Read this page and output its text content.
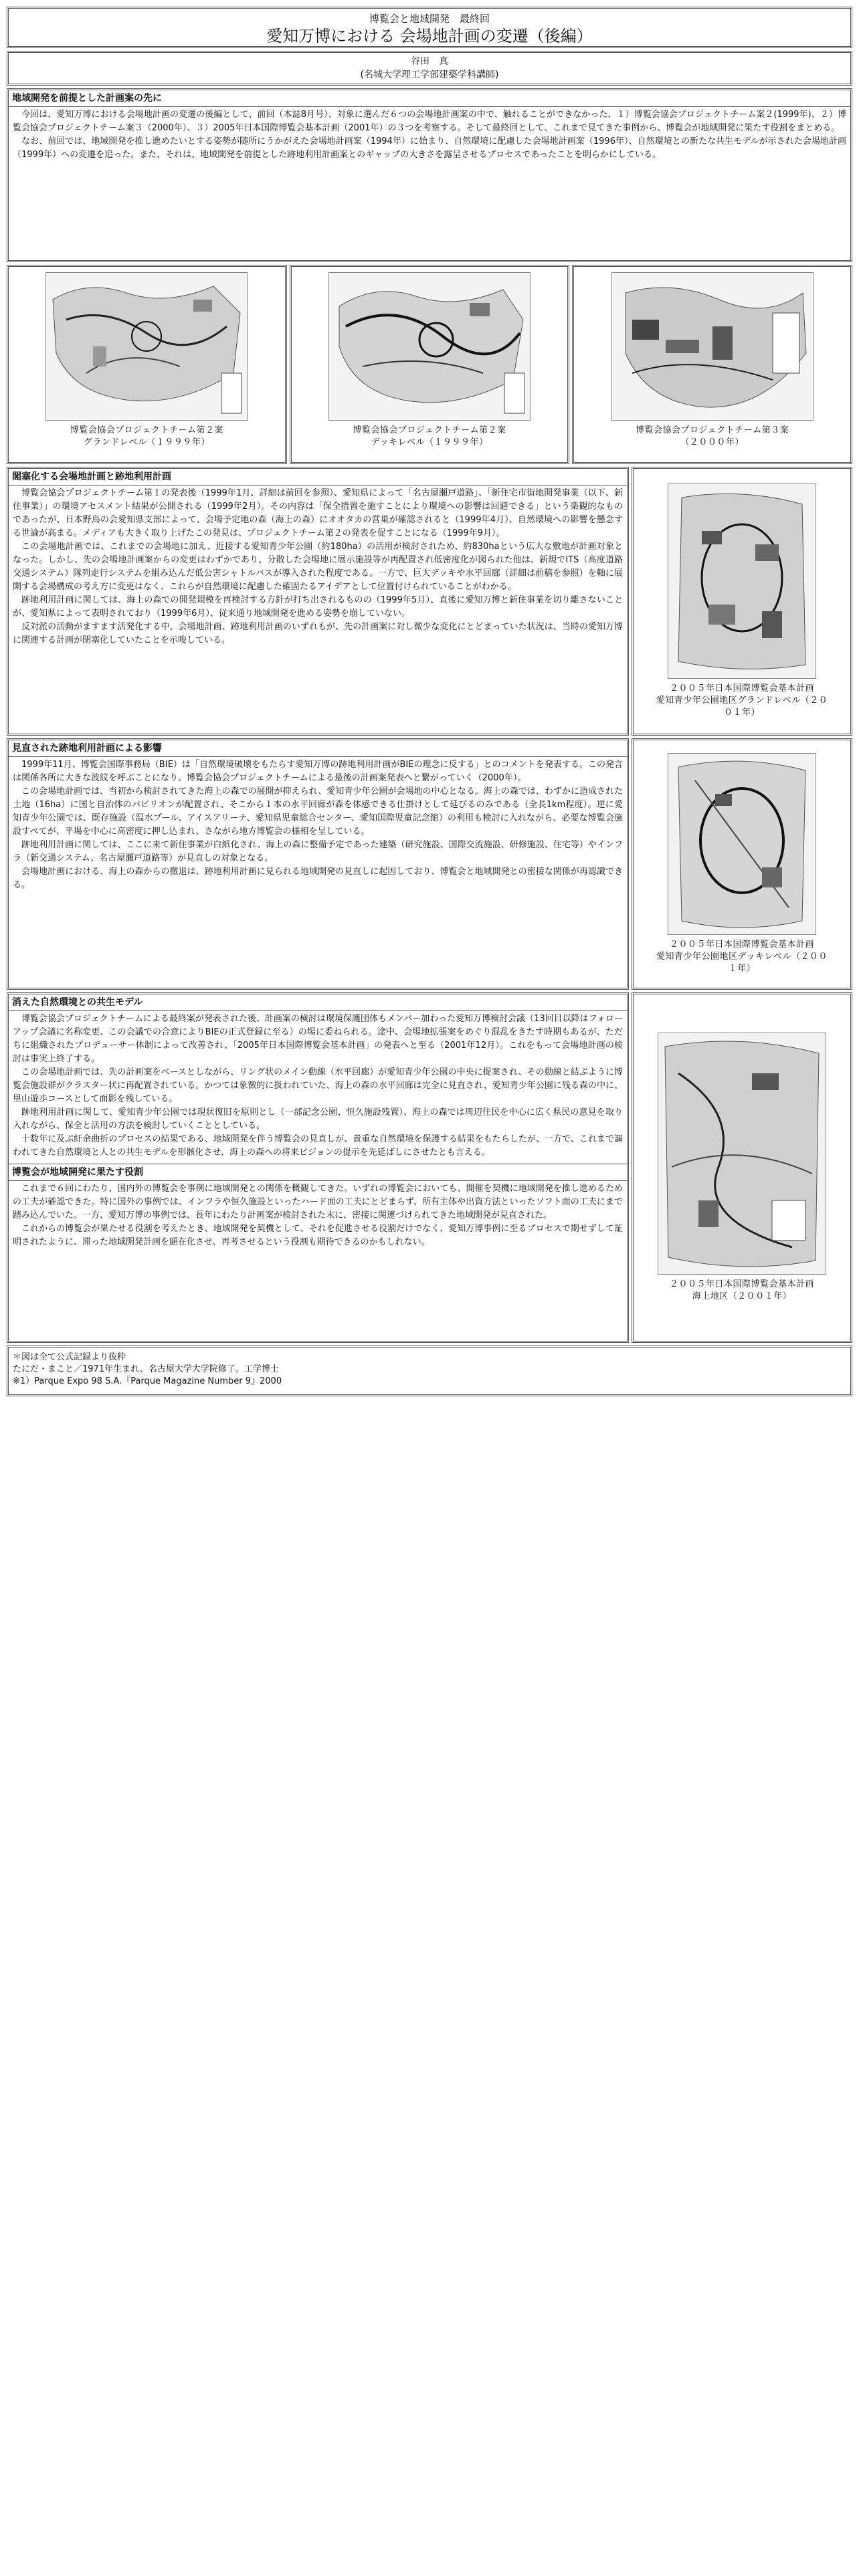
博覧会と地域開発　最終回
愛知万博における 会場地計画の変遷（後編）
谷田　真
(名城大学理工学部建築学科講師)
地域開発を前提とした計画案の先に

今回は、愛知万博における会場地計画の変遷の後編として、前回（本誌8月号）、対象に選んだ６つの会場地計画案の中で、触れることができなかった、１）博覧会協会プロジェクトチーム案２(1999年)、２）博覧会協会プロジェクトチーム案３（2000年）、３）2005年日本国際博覧会基本計画（2001年）の３つを考察する。そして最終回として、これまで見てきた事例から、博覧会が地域開発に果たす役割をまとめる。

なお、前回では、地域開発を推し進めたいとする姿勢が随所にうかがえた会場地計画案（1994年）に始まり、自然環境に配慮した会場地計画案（1996年）、自然環境との新たな共生モデルが示された会場地計画（1999年）への変遷を追った。また、それは、地域開発を前提とした跡地利用計画案とのギャップの大きさを露呈させるプロセスであったことを明らかにしている。

博覧会協会プロジェクトチーム第２案
グランドレベル（１９９９年）
博覧会協会プロジェクトチーム第２案
デッキレベル（１９９９年）
博覧会協会プロジェクトチーム第３案
（２０００年）
閣塞化する会場地計画と跡地利用計画

博覧会協会プロジェクトチーム第１の発表後（1999年1月、詳細は前回を参照）、愛知県によって「名古屋瀬戸道路」、「新住宅市街地開発事業（以下、新住事業）」の環境アセスメント結果が公開される（1999年2月）。その内容は「保全措置を施すことにより環境への影響は回避できる」という楽観的なものであったが、日本野鳥の会愛知県支部によって、会場予定地の森（海上の森）にオオタカの営巣が確認されると（1999年4月）、自然環境への影響を懸念する世論が高まる。メディアも大きく取り上げたこの発見は、プロジェクトチーム第２の発表を促すことになる（1999年9月）。

この会場地計画では、これまでの会場地に加え、近接する愛知青少年公園（約180ha）の活用が検討されため、約830haという広大な敷地が計画対象となった。しかし、先の会場地計画案からの変更はわずかであり、分散した会場地に展示施設等が再配置され低密度化が図られた他は、新規でITS（高度道路交通システム）隊列走行システムを組み込んだ低公害シャトルバスが導入された程度である。一方で、巨大デッキや水平回廊（詳細は前稿を参照）を軸に展開する会場構成の考え方に変更はなく、これらが自然環境に配慮した確固たるアイデアとして位置付けられていることがわかる。

跡地利用計画に関しては、海上の森での開発規模を再検討する方針が打ち出されるものの（1999年5月）、直後に愛知万博と新住事業を切り離さないことが、愛知県によって表明されており（1999年6月）、従来通り地域開発を進める姿勢を崩していない。

反対派の活動がますます活発化する中、会場地計画、跡地利用計画のいずれもが、先の計画案に対し微少な変化にとどまっていた状況は、当時の愛知万博に関連する計画が閉塞化していたことを示唆している。

２００５年日本国際博覧会基本計画
愛知青少年公園地区グランドレベル（２０
０１年）
見直された跡地利用計画による影響

1999年11月、博覧会国際事務局（BIE）は「自然環境破壊をもたらす愛知万博の跡地利用計画がBIEの理念に反する」とのコメントを発表する。この発言は関係各所に大きな波紋を呼ぶことになり、博覧会協会プロジェクトチームによる最後の計画案発表へと繋がっていく（2000年）。

この会場地計画では、当初から検討されてきた海上の森での展開が抑えられ、愛知青少年公園が会場地の中心となる。海上の森では、わずかに造成された土地（16ha）に国と自治体のパビリオンが配置され、そこから１本の水平回廊が森を体感できる仕掛けとして延びるのみである（全長1km程度）。逆に愛知青少年公園では、既存施設（温水プール、アイスアリーナ、愛知県児童総合センター、愛知国際児童記念館）の利用も検討に入れながら、必要な博覧会施設すべてが、平場を中心に高密度に押し込まれ、さながら地方博覧会の様相を呈している。

跡地利用計画に関しては、ここに来て新住事業が白紙化され、海上の森に整備予定であった建築（研究施設、国際交流施設、研修施設、住宅等）やインフラ（新交通システム、名古屋瀬戸道路等）が見直しの対象となる。

会場地計画における、海上の森からの撤退は、跡地利用計画に見られる地域開発の見直しに起因しており、博覧会と地域開発との密接な関係が再認識できる。

２００５年日本国際博覧会基本計画
愛知青少年公園地区デッキレベル（２００
１年）
消えた自然環境との共生モデル

博覧会協会プロジェクトチームによる最終案が発表された後、計画案の検討は環境保護団体もメンバー加わった愛知万博検討会議（13回目以降はフォローアップ会議に名称変更、この会議での合意によりBIEの正式登録に至る）の場に委ねられる。途中、会場地拡張案をめぐり混乱をきたす時期もあるが、ただちに組織されたプロデューサー体制によって改善され、「2005年日本国際博覧会基本計画」の発表へと至る（2001年12月）。これをもって会場地計画の検討は事実上終了する。

この会場地計画では、先の計画案をベースとしながら、リング状のメイン動線（水平回廊）が愛知青少年公園の中央に提案され、その動線と結ぶように博覧会施設群がクラスター状に再配置されている。かつては象徴的に扱われていた、海上の森の水平回廊は完全に見直され、愛知青少年公園に残る森の中に、里山遊歩コースとして面影を残している。

跡地利用計画に関して、愛知青少年公園では現状復旧を原則とし（一部記念公園、恒久施設残置）、海上の森では周辺住民を中心に広く県民の意見を取り入れながら、保全と活用の方法を検討していくこととしている。

十数年に及ぶ紆余曲折のプロセスの結果である、地域開発を伴う博覧会の見直しが、貴重な自然環境を保護する結果をもたらしたが、一方で、これまで謳われてきた自然環境と人との共生モデルを形骸化させ、海上の森への将来ビジョンの提示を先延ばしにさせたとも言える。

博覧会が地域開発に果たす役割

これまで６回にわたり、国内外の博覧会を事例に地域開発との関係を概観してきた。いずれの博覧会においても、開催を契機に地域開発を推し進めるための工夫が確認できた。特に国外の事例では、インフラや恒久施設といったハード面の工夫にとどまらず、所有主体や出資方法といったソフト面の工夫にまで踏み込んでいた。一方、愛知万博の事例では、長年にわたり計画案が検討された末に、密接に関連づけられてきた地域開発が見直された。

これからの博覧会が果たせる役割を考えたとき、地域開発を契機として、それを促進させる役割だけでなく、愛知万博事例に至るプロセスで期せずして証明されたように、滞った地域開発計画を顕在化させ、再考させるという役割も期待できるのかもしれない。

２００５年日本国際博覧会基本計画
海上地区（２００１年）
＊図は全て公式記録より抜粋
たにだ・まこと／1971年生まれ、名古屋大学大学院修了。工学博士
※1）Parque Expo 98 S.A.『Parque Magazine Number 9』2000
